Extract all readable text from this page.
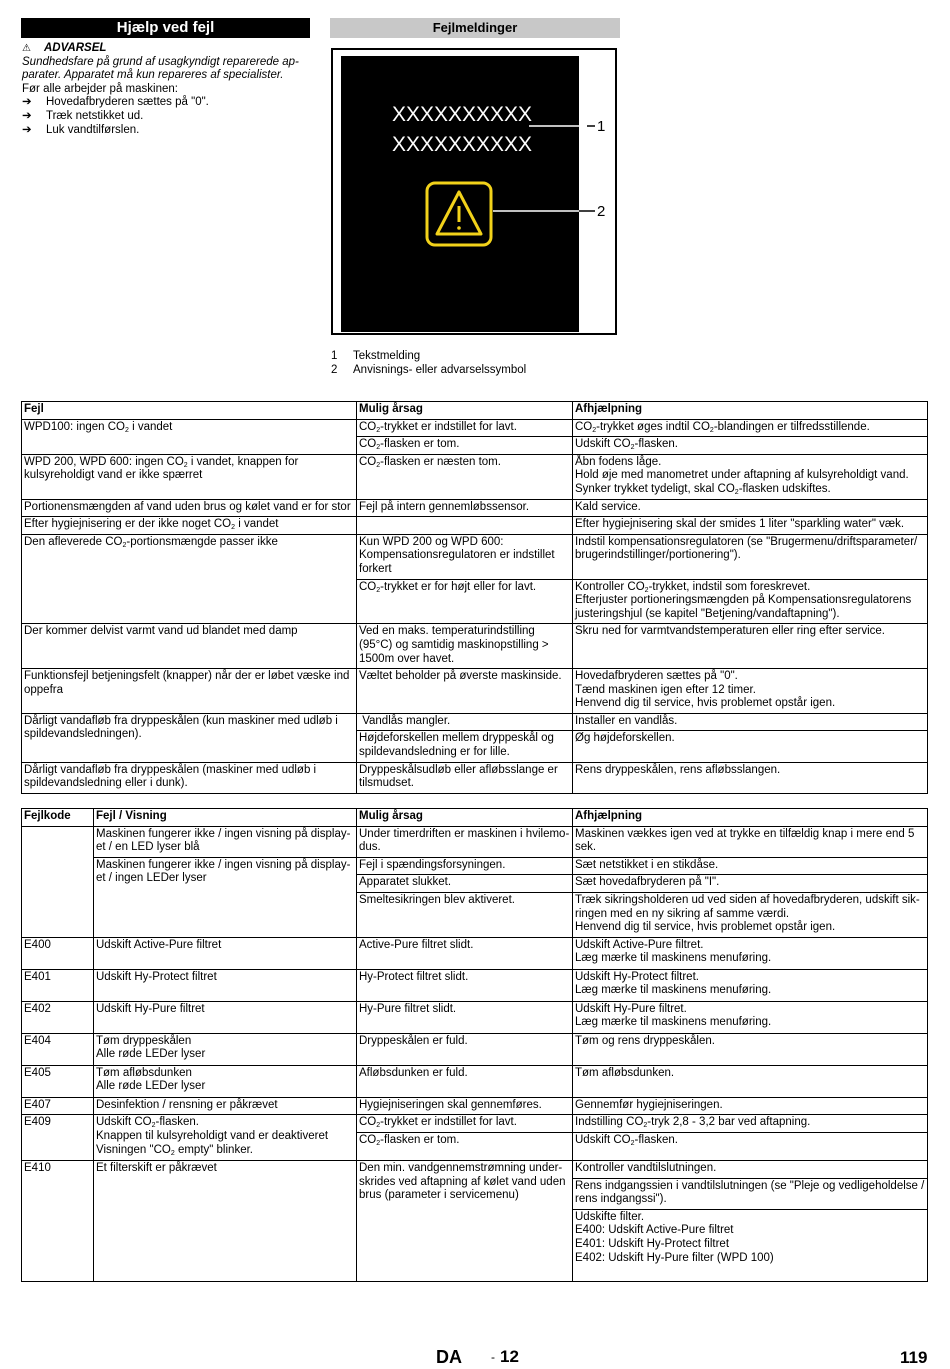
Hjælp ved fejl
⚠ ADVARSEL
Sundhedsfare på grund af usagkyndigt reparerede ap-
parater. Apparatet må kun repareres af specialister.
Før alle arbejder på maskinen:
➔ Hovedafbryderen sættes på "0".
➔ Træk netstikket ud.
➔ Luk vandtilførslen.
Fejlmeldinger
XXXXXXXXXX
XXXXXXXXXX
1
2
1 Tekstmelding
2 Anvisnings- eller advarselssymbol
Fejl	Mulig årsag	Afhjælpning
WPD100: ingen $CO_2$ i vandet	$CO_2$-trykket er indstillet for lavt.	$CO_2$-trykket øges indtil $CO_2$-blandingen er tilfredsstillende.
	$CO_2$-flasken er tom.	Udskift $CO_2$-flasken.
WPD 200, WPD 600: ingen $CO_2$ i vandet, knappen for kulsyreholdigt vand er ikke spærret	$CO_2$-flasken er næsten tom.	Åbn fodens låge.
Hold øje med manometret under aftapning af kulsyreholdigt vand. Synker trykket tydeligt, skal $CO_2$-flasken udskiftes.
Portionensmængden af vand uden brus og kølet vand er for stor	Fejl på intern gennemløbssensor.	Kald service.
Efter hygiejnisering er der ikke noget $CO_2$ i vandet		Efter hygiejnisering skal der smides 1 liter "sparkling water" væk.
Den afleverede $CO_2$-portionsmængde passer ikke	Kun WPD 200 og WPD 600: Kompensationsregulatoren er indstillet forkert	Indstil kompensationsregulatoren (se "Brugermenu/driftsparameter/ brugerindstillinger/portionering").
	$CO_2$-trykket er for højt eller for lavt.	Kontroller $CO_2$-trykket, indstil som foreskrevet.
Efterjuster portioneringsmængden på Kompensationsregulatorens justeringshjul (se kapitel "Betjening/vandaftapning").
Der kommer delvist varmt vand ud blandet med damp	Ved en maks. temperaturindstilling (95°C) og samtidig maskinopstilling > 1500m over havet.	Skru ned for varmtvandstemperaturen eller ring efter service.
Funktionsfejl betjeningsfelt (knapper) når der er løbet væske ind oppefra	Væltet beholder på øverste maskinside.	Hovedafbryderen sættes på "0".
Tænd maskinen igen efter 12 timer.
Henvend dig til service, hvis problemet opstår igen.
Dårligt vandafløb fra dryppeskålen (kun maskiner med udløb i spildevandsledningen).	Vandlås mangler.	Installer en vandlås.
	Højdeforskellen mellem dryppeskål og spildevandsledning er for lille.	Øg højdeforskellen.
Dårligt vandafløb fra dryppeskålen (maskiner med udløb i spildevandsledning eller i dunk).	Dryppeskålsudløb eller afløbsslange er tilsmudset.	Rens dryppeskålen, rens afløbsslangen.
Fejlkode	Fejl / Visning	Mulig årsag	Afhjælpning
	Maskinen fungerer ikke / ingen visning på display- et / en LED lyser blå	Under timerdriften er maskinen i hvilemo- dus.	Maskinen vækkes igen ved at trykke en tilfældig knap i mere end 5 sek.
	Maskinen fungerer ikke / ingen visning på display- et / ingen LEDer lyser	Fejl i spændingsforsyningen.	Sæt netstikket i en stikdåse.
		Apparatet slukket.	Sæt hovedafbryderen på "I".
		Smeltesikringen blev aktiveret.	Træk sikringsholderen ud ved siden af hovedafbryderen, udskift sik- ringen med en ny sikring af samme værdi.
Henvend dig til service, hvis problemet opstår igen.
E400	Udskift Active-Pure filtret	Active-Pure filtret slidt.	Udskift Active-Pure filtret.
Læg mærke til maskinens menuføring.
E401	Udskift Hy-Protect filtret	Hy-Protect filtret slidt.	Udskift Hy-Protect filtret.
Læg mærke til maskinens menuføring.
E402	Udskift Hy-Pure filtret	Hy-Pure filtret slidt.	Udskift Hy-Pure filtret.
Læg mærke til maskinens menuføring.
E404	Tøm dryppeskålen
Alle røde LEDer lyser	Dryppeskålen er fuld.	Tøm og rens dryppeskålen.
E405	Tøm afløbsdunken
Alle røde LEDer lyser	Afløbsdunken er fuld.	Tøm afløbsdunken.
E407	Desinfektion / rensning er påkrævet	Hygiejniseringen skal gennemføres.	Gennemfør hygiejniseringen.
E409	Udskift $CO_2$-flasken.
Knappen til kulsyreholdigt vand er deaktiveret
Visningen "$CO_2$ empty" blinker.	$CO_2$-trykket er indstillet for lavt.	Indstilling $CO_2$-tryk 2,8 - 3,2 bar ved aftapning.
		$CO_2$-flasken er tom.	Udskift $CO_2$-flasken.
E410	Et filterskift er påkrævet	Den min. vandgennemstrømning under- skrides ved aftapning af kølet vand uden brus (parameter i servicemenu)	Kontroller vandtilslutningen.
			Rens indgangssien i vandtilslutningen (se "Pleje og vedligeholdelse / rens indgangssi").
			Udskifte filter.
E400: Udskift Active-Pure filtret
E401: Udskift Hy-Protect filtret
E402: Udskift Hy-Pure filter (WPD 100)
DA - 12	119
